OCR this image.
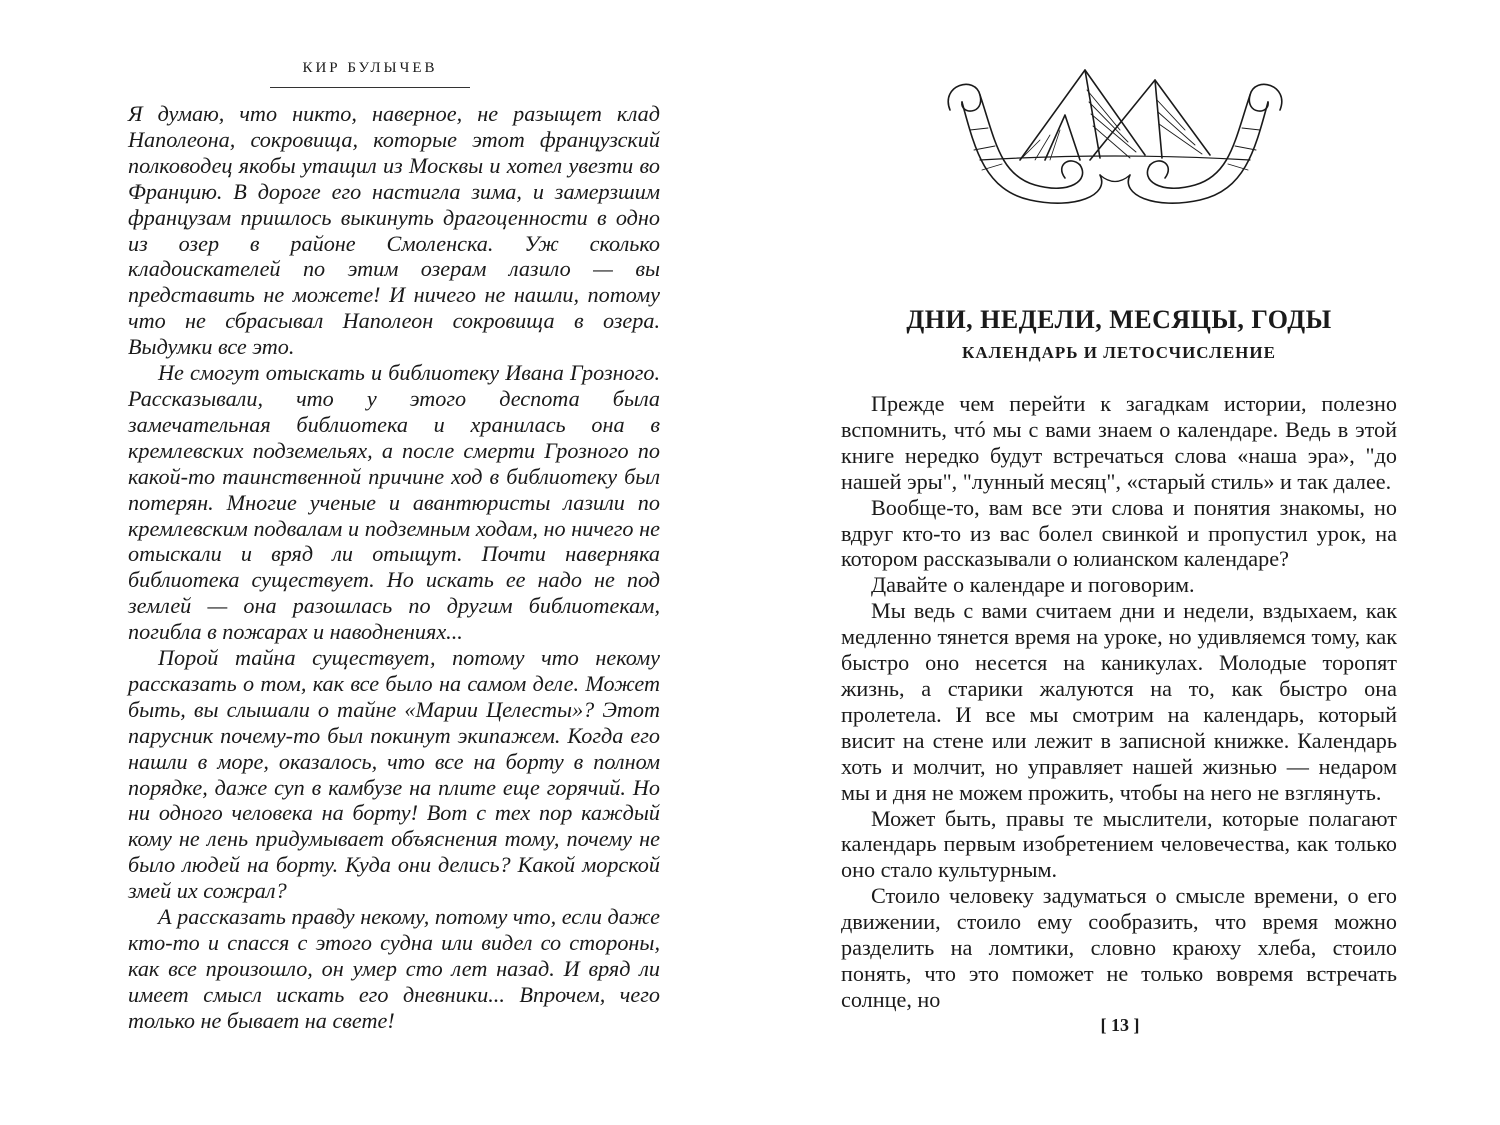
КИР БУЛЫЧЕВ

Я думаю, что никто, наверное, не разыщет клад Наполеона, сокровища, которые этот французский полководец якобы утащил из Москвы и хотел увезти во Францию. В дороге его настигла зима, и замерзшим французам пришлось выкинуть драгоценности в одно из озер в районе Смоленска. Уж сколько кладоискателей по этим озерам лазило — вы представить не можете! И ничего не нашли, потому что не сбрасывал Наполеон сокровища в озера. Выдумки все это.

Не смогут отыскать и библиотеку Ивана Грозного. Рассказывали, что у этого деспота была замечательная библиотека и хранилась она в кремлевских подземельях, а после смерти Грозного по какой-то таинственной причине ход в библиотеку был потерян. Многие ученые и авантюристы лазили по кремлевским подвалам и подземным ходам, но ничего не отыскали и вряд ли отыщут. Почти наверняка библиотека существует. Но искать ее надо не под землей — она разошлась по другим библиотекам, погибла в пожарах и наводнениях...

Порой тайна существует, потому что некому рассказать о том, как все было на самом деле. Может быть, вы слышали о тайне «Марии Целесты»? Этот парусник почему-то был покинут экипажем. Когда его нашли в море, оказалось, что все на борту в полном порядке, даже суп в камбузе на плите еще горячий. Но ни одного человека на борту! Вот с тех пор каждый кому не лень придумывает объяснения тому, почему не было людей на борту. Куда они делись? Какой морской змей их сожрал?

А рассказать правду некому, потому что, если даже кто-то и спасся с этого судна или видел со стороны, как все произошло, он умер сто лет назад. И вряд ли имеет смысл искать его дневники... Впрочем, чего только не бывает на свете!

ДНИ, НЕДЕЛИ, МЕСЯЦЫ, ГОДЫ
КАЛЕНДАРЬ И ЛЕТОСЧИСЛЕНИЕ

Прежде чем перейти к загадкам истории, полезно вспомнить, чтó мы с вами знаем о календаре. Ведь в этой книге нередко будут встречаться слова «наша эра», "до нашей эры", "лунный месяц", «старый стиль» и так далее.

Вообще-то, вам все эти слова и понятия знакомы, но вдруг кто-то из вас болел свинкой и пропустил урок, на котором рассказывали о юлианском календаре?

Давайте о календаре и поговорим.

Мы ведь с вами считаем дни и недели, вздыхаем, как медленно тянется время на уроке, но удивляемся тому, как быстро оно несется на каникулах. Молодые торопят жизнь, а старики жалуются на то, как быстро она пролетела. И все мы смотрим на календарь, который висит на стене или лежит в записной книжке. Календарь хоть и молчит, но управляет нашей жизнью — недаром мы и дня не можем прожить, чтобы на него не взглянуть.

Может быть, правы те мыслители, которые полагают календарь первым изобретением человечества, как только оно стало культурным.

Стоило человеку задуматься о смысле времени, о его движении, стоило ему сообразить, что время можно разделить на ломтики, словно краюху хлеба, стоило понять, что это поможет не только вовремя встречать солнце, но

[ 13 ]
